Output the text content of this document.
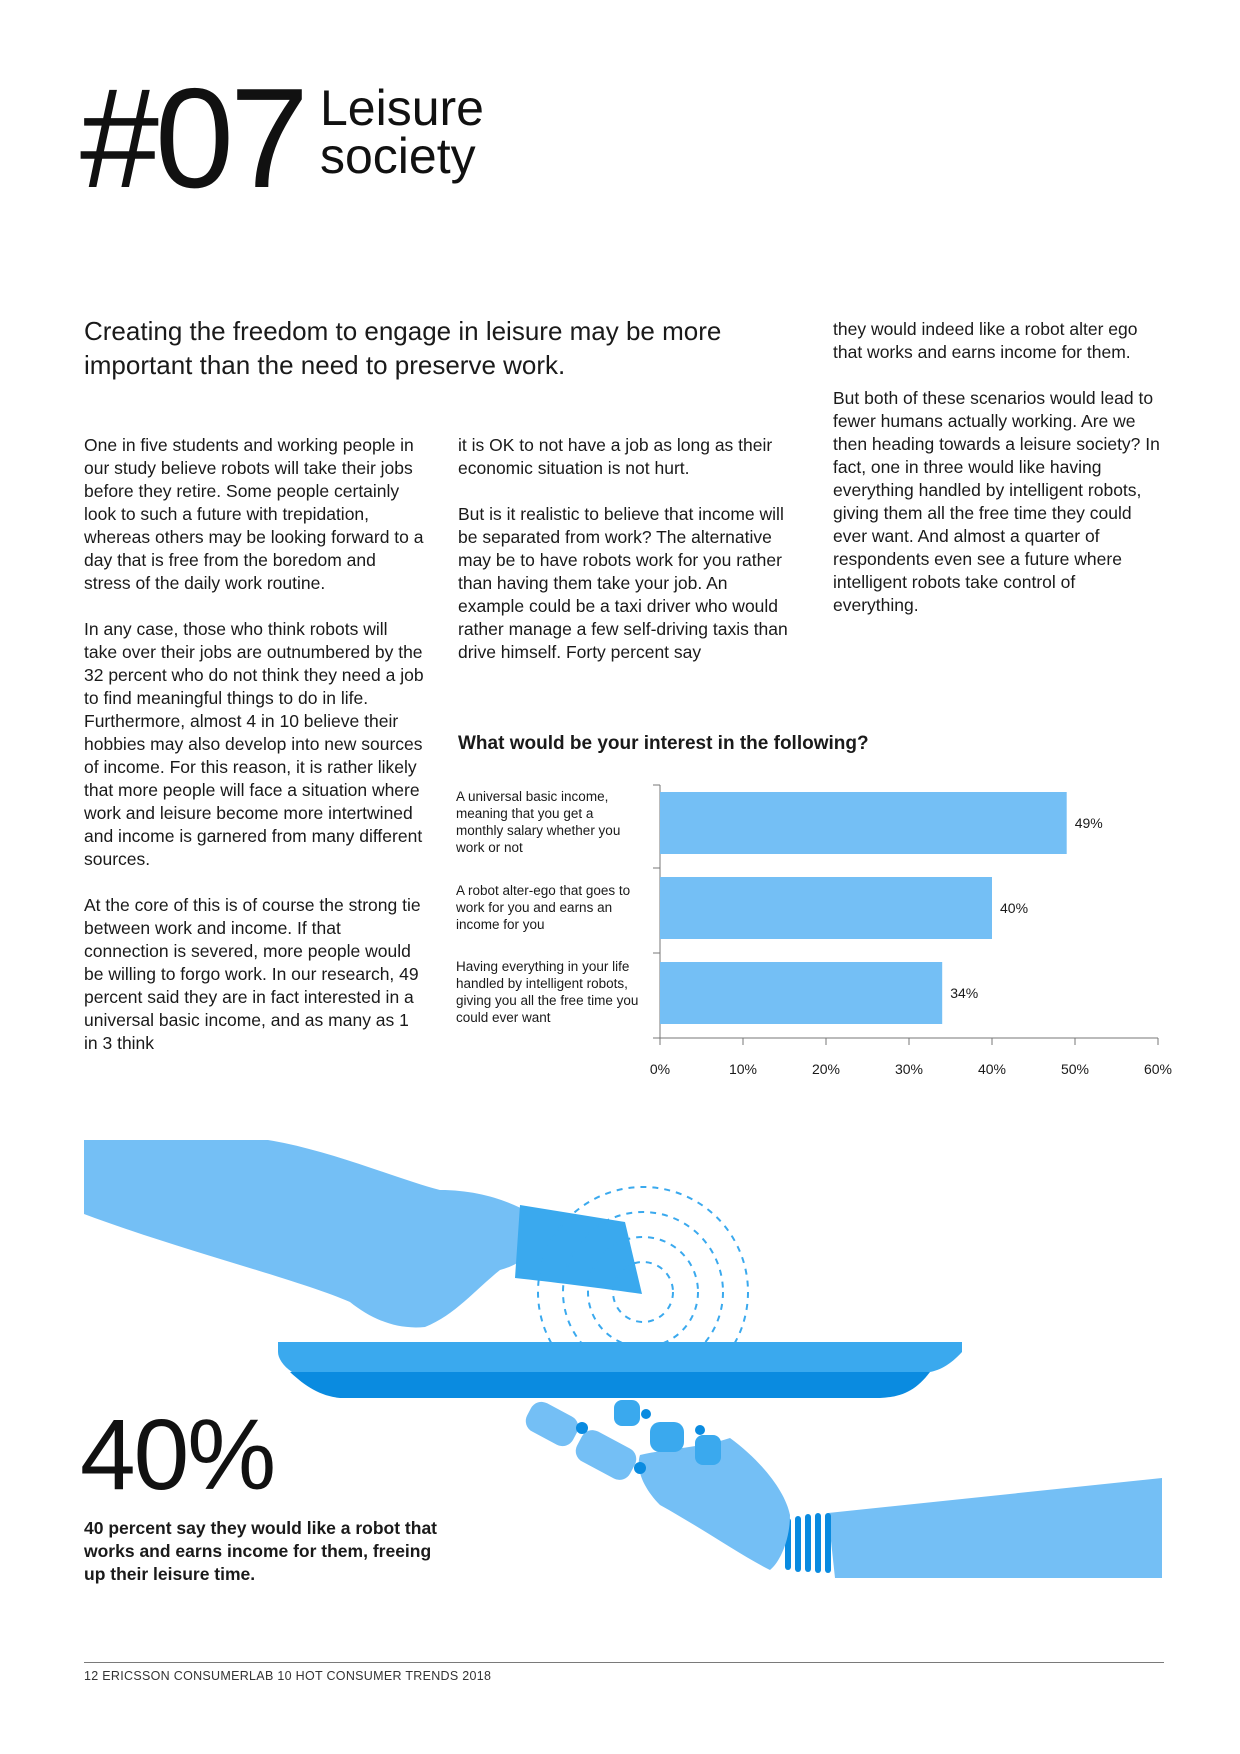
#07 Leisure
society
Creating the freedom to engage in leisure may be more important than the need to preserve work.

One in five students and working people in our study believe robots will take their jobs before they retire. Some people certainly look to such a future with trepidation, whereas others may be looking forward to a day that is free from the boredom and stress of the daily work routine.

In any case, those who think robots will take over their jobs are outnumbered by the 32 percent who do not think they need a job to find meaningful things to do in life. Furthermore, almost 4 in 10 believe their hobbies may also develop into new sources of income. For this reason, it is rather likely that more people will face a situation where work and leisure become more intertwined and income is garnered from many different sources.

At the core of this is of course the strong tie between work and income. If that connection is severed, more people would be willing to forgo work. In our research, 49 percent said they are in fact interested in a universal basic income, and as many as 1 in 3 think

it is OK to not have a job as long as their economic situation is not hurt.

But is it realistic to believe that income will be separated from work? The alternative may be to have robots work for you rather than having them take your job. An example could be a taxi driver who would rather manage a few self-driving taxis than drive himself. Forty percent say

they would indeed like a robot alter ego that works and earns income for them.

But both of these scenarios would lead to fewer humans actually working. Are we then heading towards a leisure society? In fact, one in three would like having everything handled by intelligent robots, giving them all the free time they could ever want. And almost a quarter of respondents even see a future where intelligent robots take control of everything.

What would be your interest in the following?
A universal basic income, meaning that you get a monthly salary whether you work or not
A robot alter-ego that goes to work for you and earns an income for you
Having everything in your life handled by intelligent robots, giving you all the free time you could ever want
0%	10%	20%	30%	40%	50%	60%
49%
40%
34%
40%
40 percent say they would like a robot that works and earns income for them, freeing up their leisure time.
12 ERICSSON CONSUMERLAB 10 HOT CONSUMER TRENDS 2018
